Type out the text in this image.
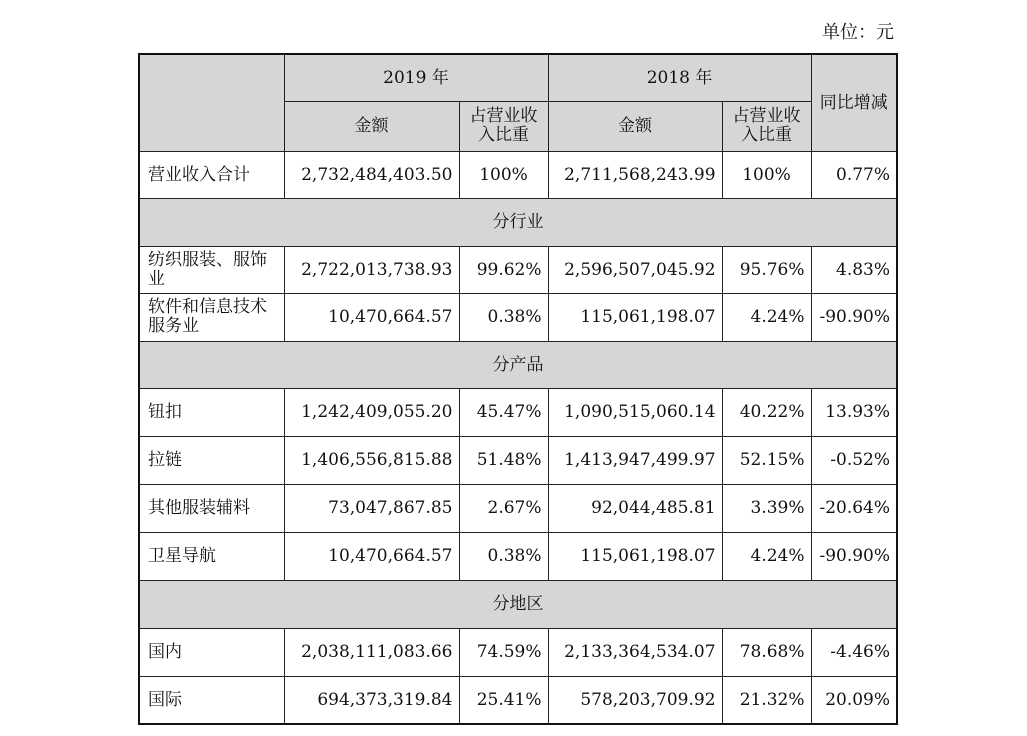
单位：元
	2019 年		2018 年		同比增减
	金额	占营业收入比重	金额	占营业收入比重	
营业收入合计	2,732,484,403.50	100%	2,711,568,243.99	100%	0.77%
分行业					
纺织服装、服饰业	2,722,013,738.93	99.62%	2,596,507,045.92	95.76%	4.83%
软件和信息技术服务业	10,470,664.57	0.38%	115,061,198.07	4.24%	-90.90%
分产品					
钮扣	1,242,409,055.20	45.47%	1,090,515,060.14	40.22%	13.93%
拉链	1,406,556,815.88	51.48%	1,413,947,499.97	52.15%	-0.52%
其他服装辅料	73,047,867.85	2.67%	92,044,485.81	3.39%	-20.64%
卫星导航	10,470,664.57	0.38%	115,061,198.07	4.24%	-90.90%
分地区					
国内	2,038,111,083.66	74.59%	2,133,364,534.07	78.68%	-4.46%
国际	694,373,319.84	25.41%	578,203,709.92	21.32%	20.09%
